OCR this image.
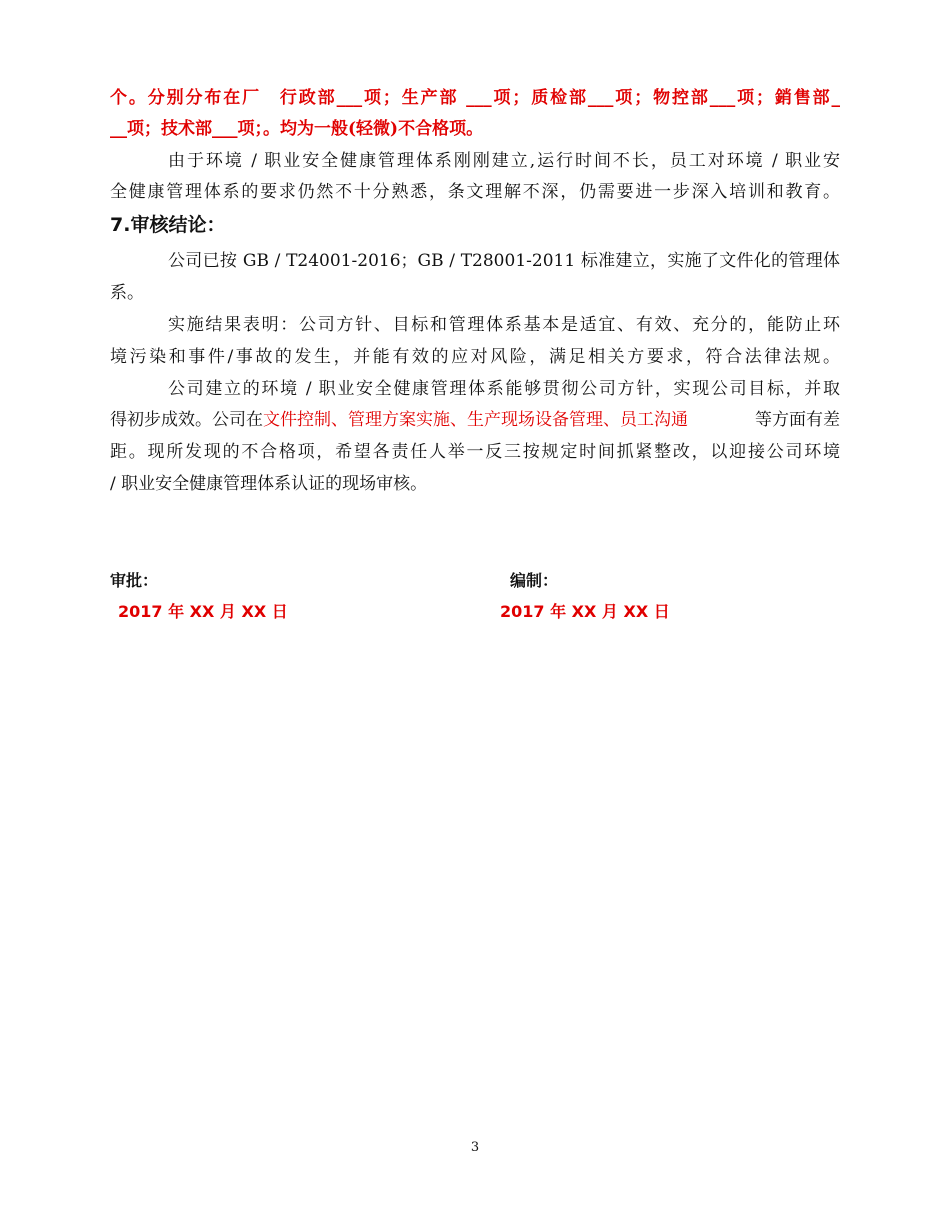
个。分别分布在厂　行政部___项；生产部 ___项；质检部___项；物控部___项；銷售部_
__项；技术部___项；。均为一般(轻微)不合格项。
由于环境 / 职业安全健康管理体系刚刚建立,运行时间不长，员工对环境 / 职业安
全健康管理体系的要求仍然不十分熟悉，条文理解不深，仍需要进一步深入培训和教育。
7.审核结论：
公司已按 GB / T24001-2016；GB / T28001-2011 标准建立，实施了文件化的管理体
系。
实施结果表明：公司方针、目标和管理体系基本是适宜、有效、充分的，能防止环
境污染和事件/事故的发生，并能有效的应对风险，满足相关方要求，符合法律法规。
公司建立的环境 / 职业安全健康管理体系能够贯彻公司方针，实现公司目标，并取
得初步成效。公司在 文件控制、管理方案实施、生产现场设备管理、员工沟通	等方面有差
距。现所发现的不合格项，希望各责任人举一反三按规定时间抓紧整改，以迎接公司环境
/ 职业安全健康管理体系认证的现场审核。
审批：
2017 年 XX 月 XX 日
编制：
2017 年 XX 月 XX 日
3
